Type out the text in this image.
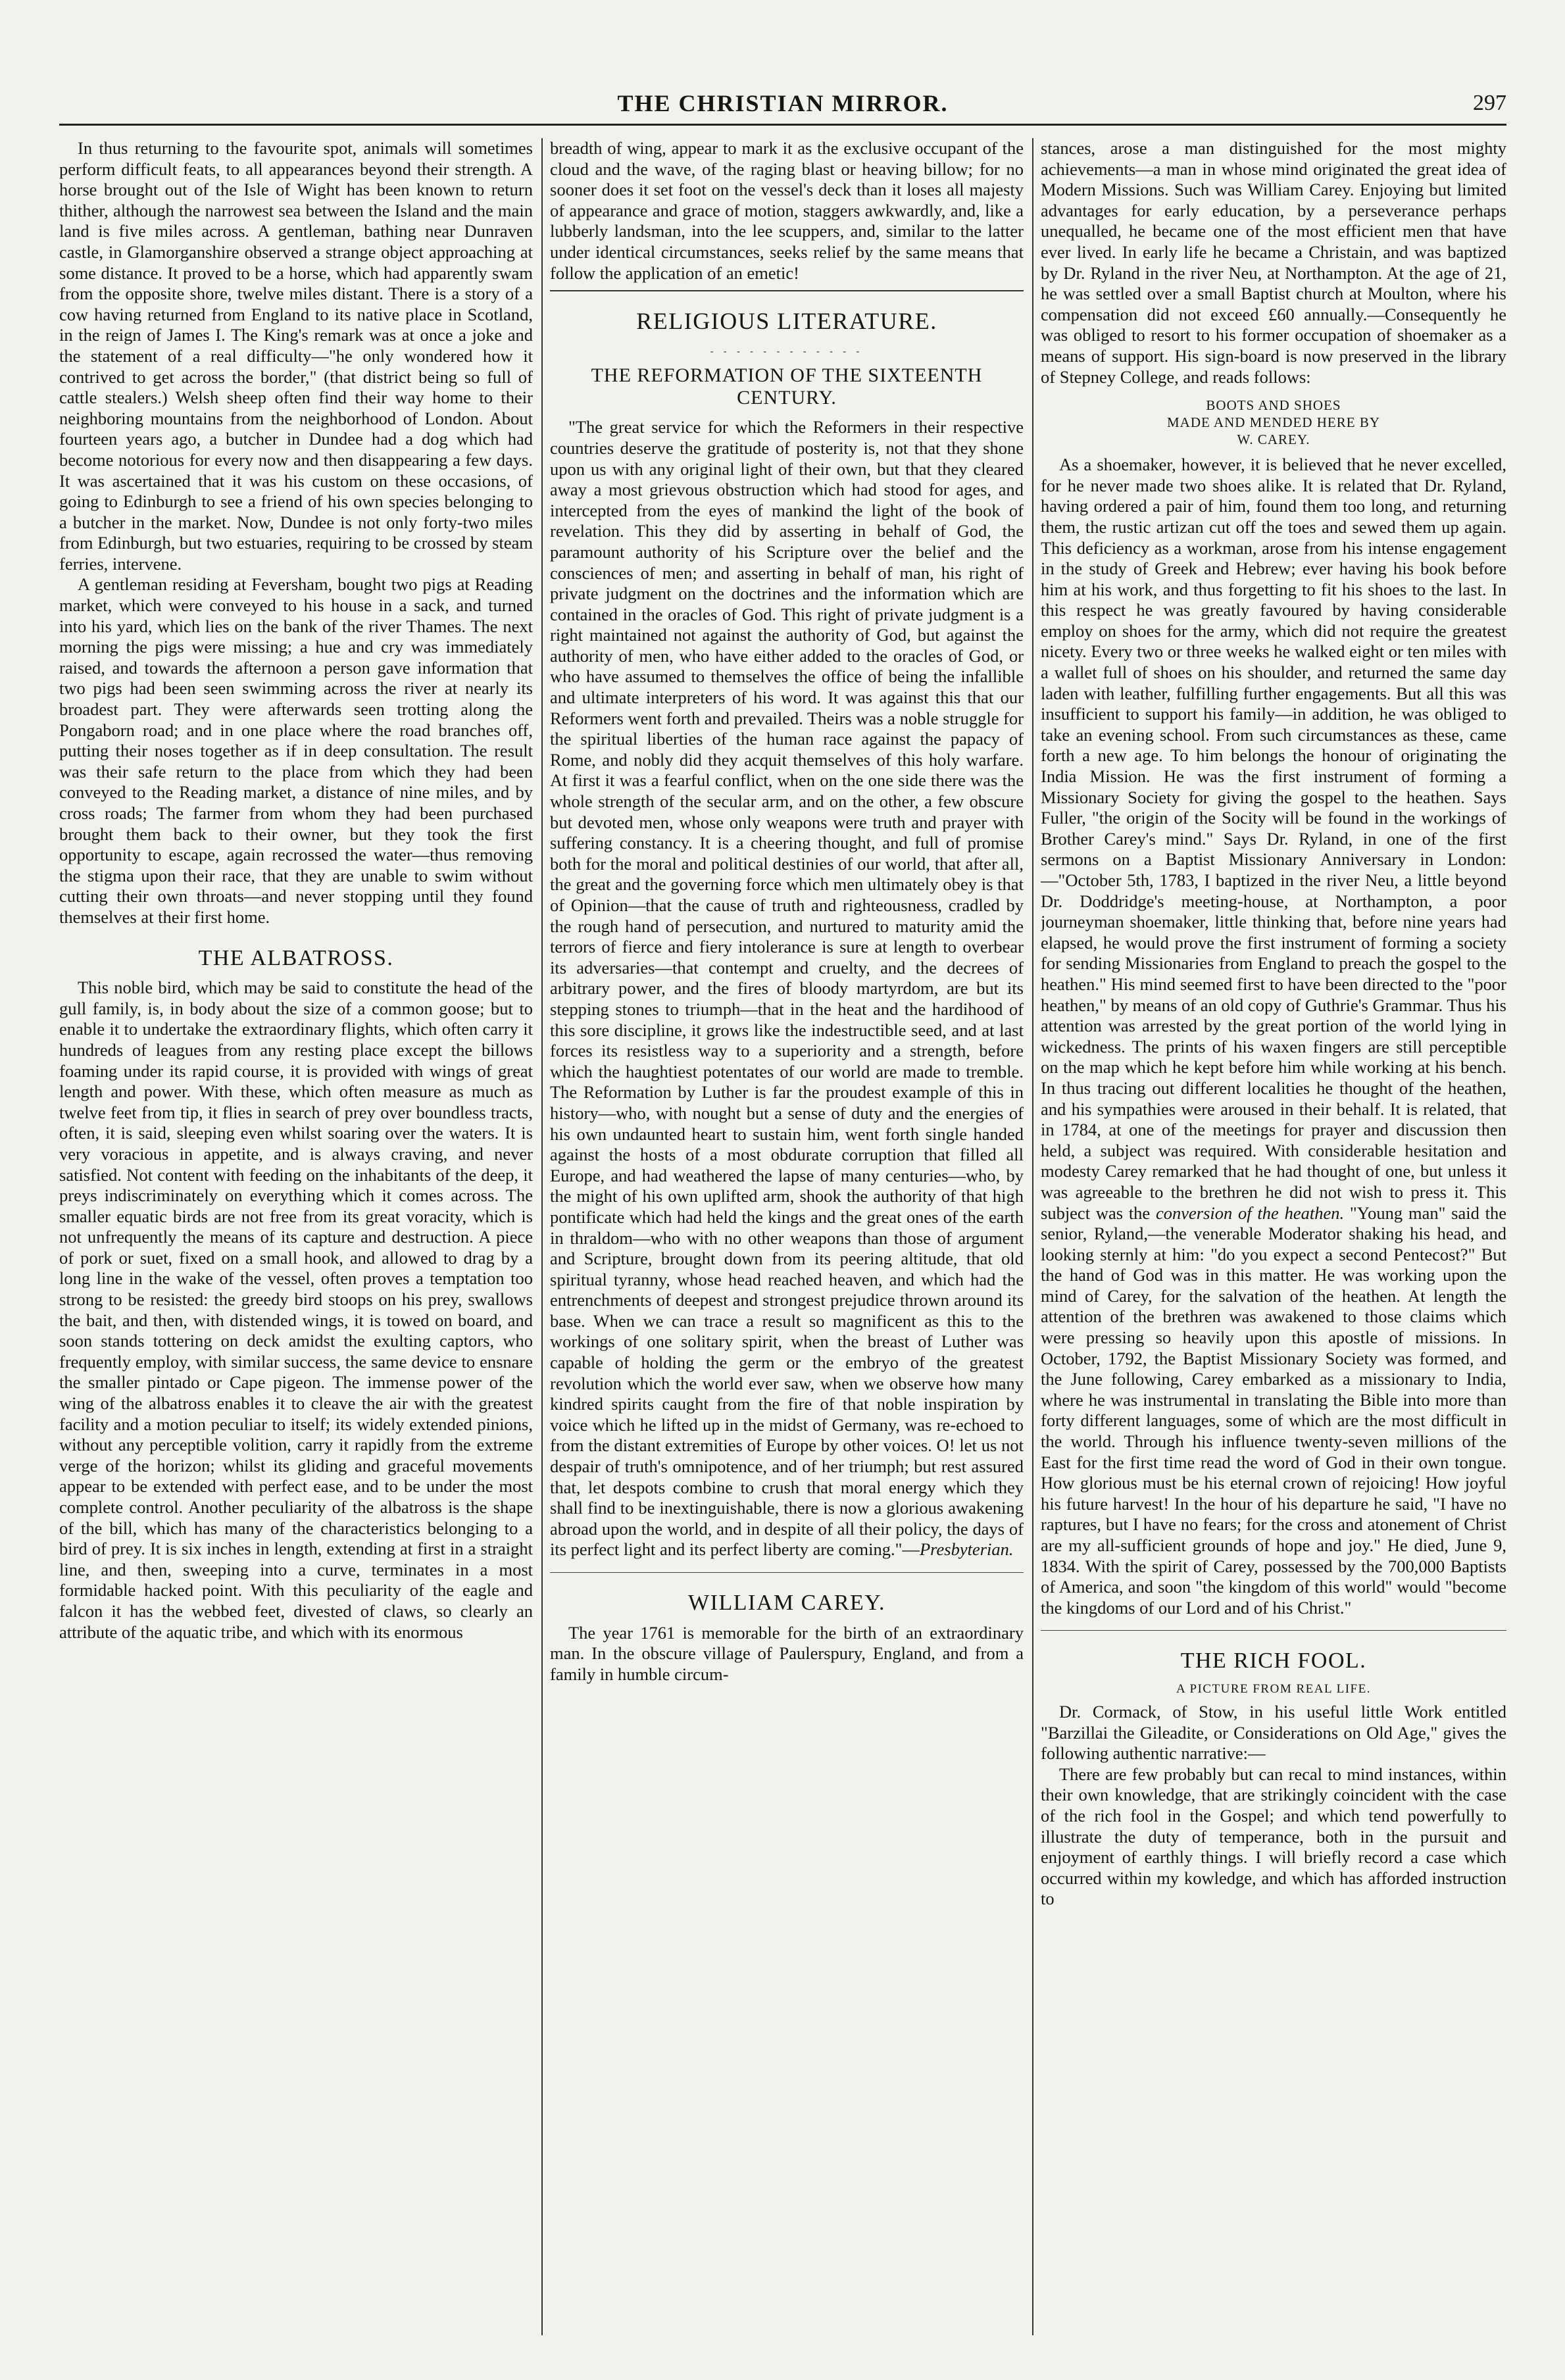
THE CHRISTIAN MIRROR.	297

In thus returning to the favourite spot, animals will sometimes perform difficult feats, to all appearances beyond their strength. A horse brought out of the Isle of Wight has been known to return thither, although the narrowest sea between the Island and the main land is five miles across. A gentleman, bathing near Dunraven castle, in Glamorganshire observed a strange object approaching at some distance. It proved to be a horse, which had apparently swam from the opposite shore, twelve miles distant. There is a story of a cow having returned from England to its native place in Scotland, in the reign of James I. The King's remark was at once a joke and the statement of a real difficulty—"he only wondered how it contrived to get across the border," (that district being so full of cattle stealers.) Welsh sheep often find their way home to their neighboring mountains from the neighborhood of London. About fourteen years ago, a butcher in Dundee had a dog which had become notorious for every now and then disappearing a few days. It was ascertained that it was his custom on these occasions, of going to Edinburgh to see a friend of his own species belonging to a butcher in the market. Now, Dundee is not only forty-two miles from Edinburgh, but two estuaries, requiring to be crossed by steam ferries, intervene.

A gentleman residing at Feversham, bought two pigs at Reading market, which were conveyed to his house in a sack, and turned into his yard, which lies on the bank of the river Thames. The next morning the pigs were missing; a hue and cry was immediately raised, and towards the afternoon a person gave information that two pigs had been seen swimming across the river at nearly its broadest part. They were afterwards seen trotting along the Pongaborn road; and in one place where the road branches off, putting their noses together as if in deep consultation. The result was their safe return to the place from which they had been conveyed to the Reading market, a distance of nine miles, and by cross roads; The farmer from whom they had been purchased brought them back to their owner, but they took the first opportunity to escape, again recrossed the water—thus removing the stigma upon their race, that they are unable to swim without cutting their own throats—and never stopping until they found themselves at their first home.

THE ALBATROSS.

This noble bird, which may be said to constitute the head of the gull family, is, in body about the size of a common goose; but to enable it to undertake the extraordinary flights, which often carry it hundreds of leagues from any resting place except the billows foaming under its rapid course, it is provided with wings of great length and power. With these, which often measure as much as twelve feet from tip, it flies in search of prey over boundless tracts, often, it is said, sleeping even whilst soaring over the waters. It is very voracious in appetite, and is always craving, and never satisfied. Not content with feeding on the inhabitants of the deep, it preys indiscriminately on everything which it comes across. The smaller equatic birds are not free from its great voracity, which is not unfrequently the means of its capture and destruction. A piece of pork or suet, fixed on a small hook, and allowed to drag by a long line in the wake of the vessel, often proves a temptation too strong to be resisted: the greedy bird stoops on his prey, swallows the bait, and then, with distended wings, it is towed on board, and soon stands tottering on deck amidst the exulting captors, who frequently employ, with similar success, the same device to ensnare the smaller pintado or Cape pigeon. The immense power of the wing of the albatross enables it to cleave the air with the greatest facility and a motion peculiar to itself; its widely extended pinions, without any perceptible volition, carry it rapidly from the extreme verge of the horizon; whilst its gliding and graceful movements appear to be extended with perfect ease, and to be under the most complete control. Another peculiarity of the albatross is the shape of the bill, which has many of the characteristics belonging to a bird of prey. It is six inches in length, extending at first in a straight line, and then, sweeping into a curve, terminates in a most formidable hacked point. With this peculiarity of the eagle and falcon it has the webbed feet, divested of claws, so clearly an attribute of the aquatic tribe, and which with its enormous

breadth of wing, appear to mark it as the exclusive occupant of the cloud and the wave, of the raging blast or heaving billow; for no sooner does it set foot on the vessel's deck than it loses all majesty of appearance and grace of motion, staggers awkwardly, and, like a lubberly landsman, into the lee scuppers, and, similar to the latter under identical circumstances, seeks relief by the same means that follow the application of an emetic!

RELIGIOUS LITERATURE.
- - - - - - - - - - - -
THE REFORMATION OF THE SIXTEENTH CENTURY.

"The great service for which the Reformers in their respective countries deserve the gratitude of posterity is, not that they shone upon us with any original light of their own, but that they cleared away a most grievous obstruction which had stood for ages, and intercepted from the eyes of mankind the light of the book of revelation. This they did by asserting in behalf of God, the paramount authority of his Scripture over the belief and the consciences of men; and asserting in behalf of man, his right of private judgment on the doctrines and the information which are contained in the oracles of God. This right of private judgment is a right maintained not against the authority of God, but against the authority of men, who have either added to the oracles of God, or who have assumed to themselves the office of being the infallible and ultimate interpreters of his word. It was against this that our Reformers went forth and prevailed. Theirs was a noble struggle for the spiritual liberties of the human race against the papacy of Rome, and nobly did they acquit themselves of this holy warfare. At first it was a fearful conflict, when on the one side there was the whole strength of the secular arm, and on the other, a few obscure but devoted men, whose only weapons were truth and prayer with suffering constancy. It is a cheering thought, and full of promise both for the moral and political destinies of our world, that after all, the great and the governing force which men ultimately obey is that of Opinion—that the cause of truth and righteousness, cradled by the rough hand of persecution, and nurtured to maturity amid the terrors of fierce and fiery intolerance is sure at length to overbear its adversaries—that contempt and cruelty, and the decrees of arbitrary power, and the fires of bloody martyrdom, are but its stepping stones to triumph—that in the heat and the hardihood of this sore discipline, it grows like the indestructible seed, and at last forces its resistless way to a superiority and a strength, before which the haughtiest potentates of our world are made to tremble. The Reformation by Luther is far the proudest example of this in history—who, with nought but a sense of duty and the energies of his own undaunted heart to sustain him, went forth single handed against the hosts of a most obdurate corruption that filled all Europe, and had weathered the lapse of many centuries—who, by the might of his own uplifted arm, shook the authority of that high pontificate which had held the kings and the great ones of the earth in thraldom—who with no other weapons than those of argument and Scripture, brought down from its peering altitude, that old spiritual tyranny, whose head reached heaven, and which had the entrenchments of deepest and strongest prejudice thrown around its base. When we can trace a result so magnificent as this to the workings of one solitary spirit, when the breast of Luther was capable of holding the germ or the embryo of the greatest revolution which the world ever saw, when we observe how many kindred spirits caught from the fire of that noble inspiration by voice which he lifted up in the midst of Germany, was re-echoed to from the distant extremities of Europe by other voices. O! let us not despair of truth's omnipotence, and of her triumph; but rest assured that, let despots combine to crush that moral energy which they shall find to be inextinguishable, there is now a glorious awakening abroad upon the world, and in despite of all their policy, the days of its perfect light and its perfect liberty are coming."—Presbyterian.

WILLIAM CAREY.

The year 1761 is memorable for the birth of an extraordinary man. In the obscure village of Paulerspury, England, and from a family in humble circum-

stances, arose a man distinguished for the most mighty achievements—a man in whose mind originated the great idea of Modern Missions. Such was William Carey. Enjoying but limited advantages for early education, by a perseverance perhaps unequalled, he became one of the most efficient men that have ever lived. In early life he became a Christain, and was baptized by Dr. Ryland in the river Neu, at Northampton. At the age of 21, he was settled over a small Baptist church at Moulton, where his compensation did not exceed £60 annually.—Consequently he was obliged to resort to his former occupation of shoemaker as a means of support. His sign-board is now preserved in the library of Stepney College, and reads follows:

BOOTS AND SHOES
MADE AND MENDED HERE BY
W. CAREY.

As a shoemaker, however, it is believed that he never excelled, for he never made two shoes alike. It is related that Dr. Ryland, having ordered a pair of him, found them too long, and returning them, the rustic artizan cut off the toes and sewed them up again. This deficiency as a workman, arose from his intense engagement in the study of Greek and Hebrew; ever having his book before him at his work, and thus forgetting to fit his shoes to the last. In this respect he was greatly favoured by having considerable employ on shoes for the army, which did not require the greatest nicety. Every two or three weeks he walked eight or ten miles with a wallet full of shoes on his shoulder, and returned the same day laden with leather, fulfilling further engagements. But all this was insufficient to support his family—in addition, he was obliged to take an evening school. From such circumstances as these, came forth a new age. To him belongs the honour of originating the India Mission. He was the first instrument of forming a Missionary Society for giving the gospel to the heathen. Says Fuller, "the origin of the Socity will be found in the workings of Brother Carey's mind." Says Dr. Ryland, in one of the first sermons on a Baptist Missionary Anniversary in London:—"October 5th, 1783, I baptized in the river Neu, a little beyond Dr. Doddridge's meeting-house, at Northampton, a poor journeyman shoemaker, little thinking that, before nine years had elapsed, he would prove the first instrument of forming a society for sending Missionaries from England to preach the gospel to the heathen." His mind seemed first to have been directed to the "poor heathen," by means of an old copy of Guthrie's Grammar. Thus his attention was arrested by the great portion of the world lying in wickedness. The prints of his waxen fingers are still perceptible on the map which he kept before him while working at his bench. In thus tracing out different localities he thought of the heathen, and his sympathies were aroused in their behalf. It is related, that in 1784, at one of the meetings for prayer and discussion then held, a subject was required. With considerable hesitation and modesty Carey remarked that he had thought of one, but unless it was agreeable to the brethren he did not wish to press it. This subject was the conversion of the heathen. "Young man" said the senior, Ryland,—the venerable Moderator shaking his head, and looking sternly at him: "do you expect a second Pentecost?" But the hand of God was in this matter. He was working upon the mind of Carey, for the salvation of the heathen. At length the attention of the brethren was awakened to those claims which were pressing so heavily upon this apostle of missions. In October, 1792, the Baptist Missionary Society was formed, and the June following, Carey embarked as a missionary to India, where he was instrumental in translating the Bible into more than forty different languages, some of which are the most difficult in the world. Through his influence twenty-seven millions of the East for the first time read the word of God in their own tongue. How glorious must be his eternal crown of rejoicing! How joyful his future harvest! In the hour of his departure he said, "I have no raptures, but I have no fears; for the cross and atonement of Christ are my all-sufficient grounds of hope and joy." He died, June 9, 1834. With the spirit of Carey, possessed by the 700,000 Baptists of America, and soon "the kingdom of this world" would "become the kingdoms of our Lord and of his Christ."

THE RICH FOOL.
A PICTURE FROM REAL LIFE.

Dr. Cormack, of Stow, in his useful little Work entitled "Barzillai the Gileadite, or Considerations on Old Age," gives the following authentic narrative:—

There are few probably but can recal to mind instances, within their own knowledge, that are strikingly coincident with the case of the rich fool in the Gospel; and which tend powerfully to illustrate the duty of temperance, both in the pursuit and enjoyment of earthly things. I will briefly record a case which occurred within my kowledge, and which has afforded instruction to
